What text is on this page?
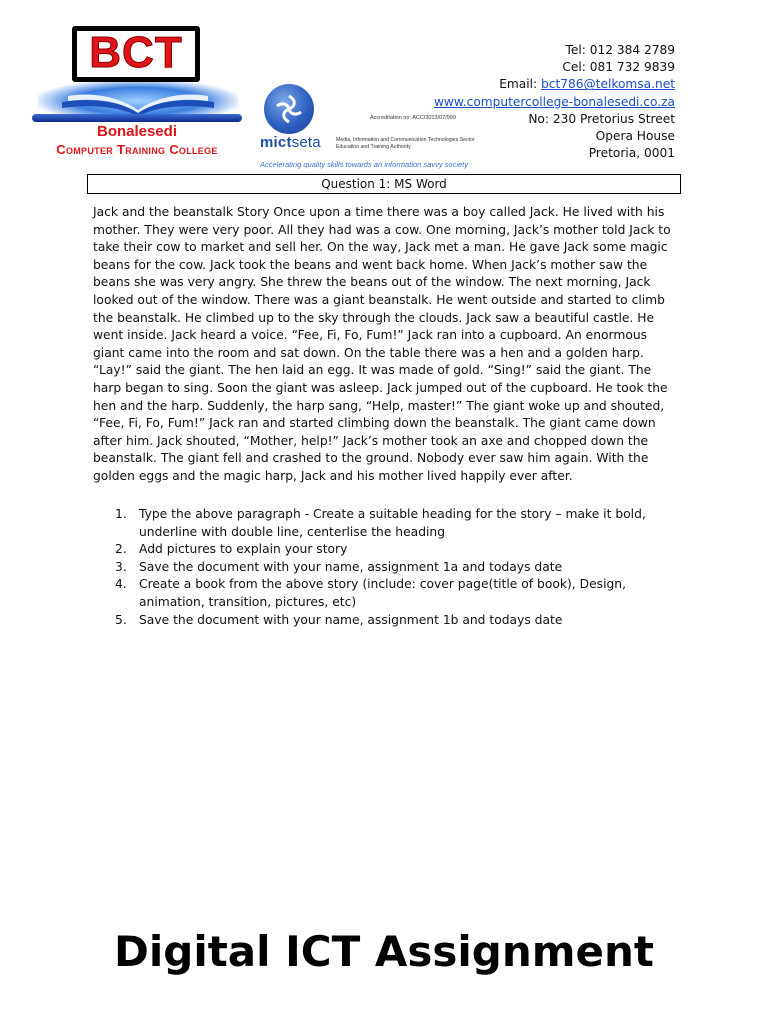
BCT
Bonalesedi
Computer Training College	mictseta
Accreditation no: ACC/2013/07/999
Media, Information and Communication Technologies Sector Education and Training Authority
Accelerating quality skills towards an information savvy society
Tel: 012 384 2789
Cel: 081 732 9839
Email: bct786@telkomsa.net
www.computercollege-bonalesedi.co.za
No: 230 Pretorius Street
Opera House
Pretoria, 0001
Question 1: MS Word
Jack and the beanstalk Story Once upon a time there was a boy called Jack. He lived with his mother. They were very poor. All they had was a cow. One morning, Jack’s mother told Jack to take their cow to market and sell her. On the way, Jack met a man. He gave Jack some magic beans for the cow. Jack took the beans and went back home. When Jack’s mother saw the beans she was very angry. She threw the beans out of the window. The next morning, Jack looked out of the window. There was a giant beanstalk. He went outside and started to climb the beanstalk. He climbed up to the sky through the clouds. Jack saw a beautiful castle. He went inside. Jack heard a voice. “Fee, Fi, Fo, Fum!” Jack ran into a cupboard. An enormous giant came into the room and sat down. On the table there was a hen and a golden harp. “Lay!” said the giant. The hen laid an egg. It was made of gold. “Sing!” said the giant. The harp began to sing. Soon the giant was asleep. Jack jumped out of the cupboard. He took the hen and the harp. Suddenly, the harp sang, “Help, master!” The giant woke up and shouted, “Fee, Fi, Fo, Fum!” Jack ran and started climbing down the beanstalk. The giant came down after him. Jack shouted, “Mother, help!” Jack’s mother took an axe and chopped down the beanstalk. The giant fell and crashed to the ground. Nobody ever saw him again. With the golden eggs and the magic harp, Jack and his mother lived happily ever after.
1. Type the above paragraph - Create a suitable heading for the story – make it bold, underline with double line, centerlise the heading
2. Add pictures to explain your story
3. Save the document with your name, assignment 1a and todays date
4. Create a book from the above story (include: cover page(title of book), Design, animation, transition, pictures, etc)
5. Save the document with your name, assignment 1b and todays date
Digital ICT Assignment
